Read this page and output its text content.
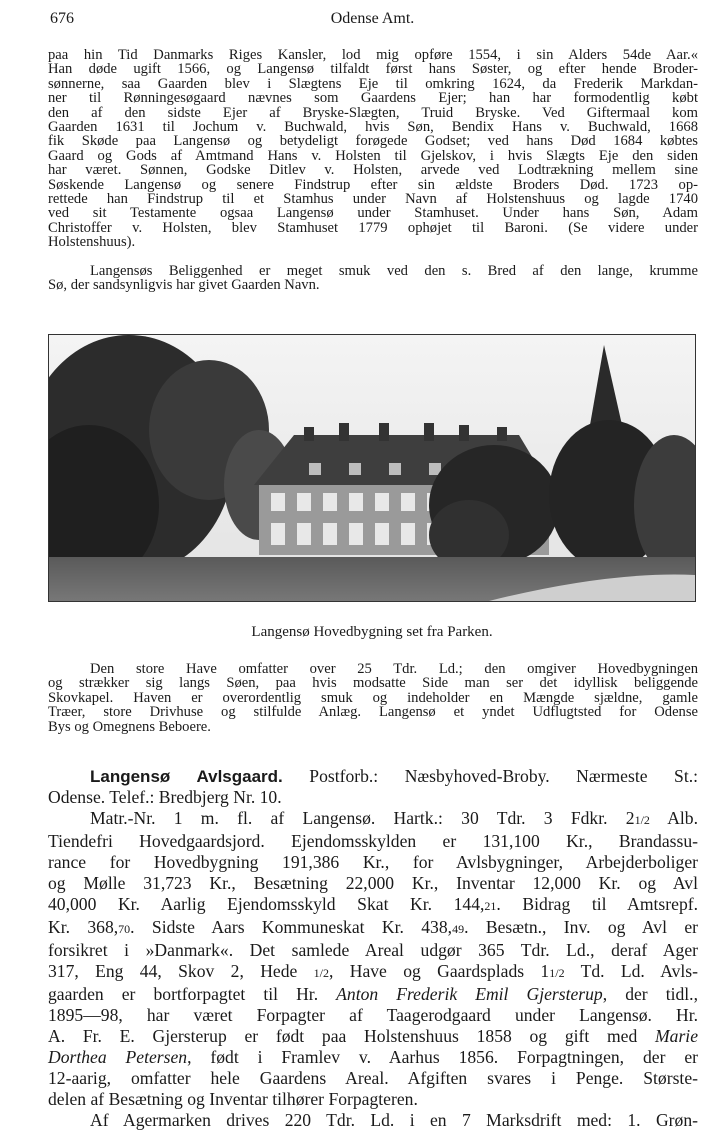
676	Odense Amt.
paa hin Tid Danmarks Riges Kansler, lod mig opføre 1554, i sin Alders 54de Aar.«
Han døde ugift 1566, og Langensø tilfaldt først hans Søster, og efter hende Broder-
sønnerne, saa Gaarden blev i Slægtens Eje til omkring 1624, da Frederik Markdan-
ner til Rønningesøgaard nævnes som Gaardens Ejer; han har formodentlig købt
den af den sidste Ejer af Bryske-Slægten, Truid Bryske. Ved Giftermaal kom
Gaarden 1631 til Jochum v. Buchwald, hvis Søn, Bendix Hans v. Buchwald, 1668
fik Skøde paa Langensø og betydeligt forøgede Godset; ved hans Død 1684 købtes
Gaard og Gods af Amtmand Hans v. Holsten til Gjelskov, i hvis Slægts Eje den siden
har været. Sønnen, Godske Ditlev v. Holsten, arvede ved Lodtrækning mellem sine
Søskende Langensø og senere Findstrup efter sin ældste Broders Død. 1723 op-
rettede han Findstrup til et Stamhus under Navn af Holstenshuus og lagde 1740
ved sit Testamente ogsaa Langensø under Stamhuset. Under hans Søn, Adam
Christoffer v. Holsten, blev Stamhuset 1779 ophøjet til Baroni. (Se videre under
Holstenshuus).
Langensøs Beliggenhed er meget smuk ved den s. Bred af den lange, krumme
Sø, der sandsynligvis har givet Gaarden Navn.
Langensø Hovedbygning set fra Parken.
Den store Have omfatter over 25 Tdr. Ld.; den omgiver Hovedbygningen
og strækker sig langs Søen, paa hvis modsatte Side man ser det idyllisk beliggende
Skovkapel. Haven er overordentlig smuk og indeholder en Mængde sjældne, gamle
Træer, store Drivhuse og stilfulde Anlæg. Langensø et yndet Udflugtsted for Odense
Bys og Omegnens Beboere.
Langensø Avlsgaard. Postforb.: Næsbyhoved-Broby. Nærmeste St.:
Odense. Telef.: Bredbjerg Nr. 10.
Matr.-Nr. 1 m. fl. af Langensø. Hartk.: 30 Tdr. 3 Fdkr. 21/2 Alb.
Tiendefri Hovedgaardsjord. Ejendomsskylden er 131,100 Kr., Brandassu-
rance for Hovedbygning 191,386 Kr., for Avlsbygninger, Arbejderboliger
og Mølle 31,723 Kr., Besætning 22,000 Kr., Inventar 12,000 Kr. og Avl
40,000 Kr. Aarlig Ejendomsskyld Skat Kr. 144,21. Bidrag til Amtsrepf.
Kr. 368,70. Sidste Aars Kommuneskat Kr. 438,49. Besætn., Inv. og Avl er
forsikret i »Danmark«. Det samlede Areal udgør 365 Tdr. Ld., deraf Ager
317, Eng 44, Skov 2, Hede 1/2, Have og Gaardsplads 11/2 Td. Ld. Avls-
gaarden er bortforpagtet til Hr. Anton Frederik Emil Gjersterup, der tidl.,
1895—98, har været Forpagter af Taagerodgaard under Langensø. Hr.
A. Fr. E. Gjersterup er født paa Holstenshuus 1858 og gift med Marie
Dorthea Petersen, født i Framlev v. Aarhus 1856. Forpagtningen, der er
12-aarig, omfatter hele Gaardens Areal. Afgiften svares i Penge. Største-
delen af Besætning og Inventar tilhører Forpagteren.
Af Agermarken drives 220 Tdr. Ld. i en 7 Marksdrift med: 1. Grøn-
